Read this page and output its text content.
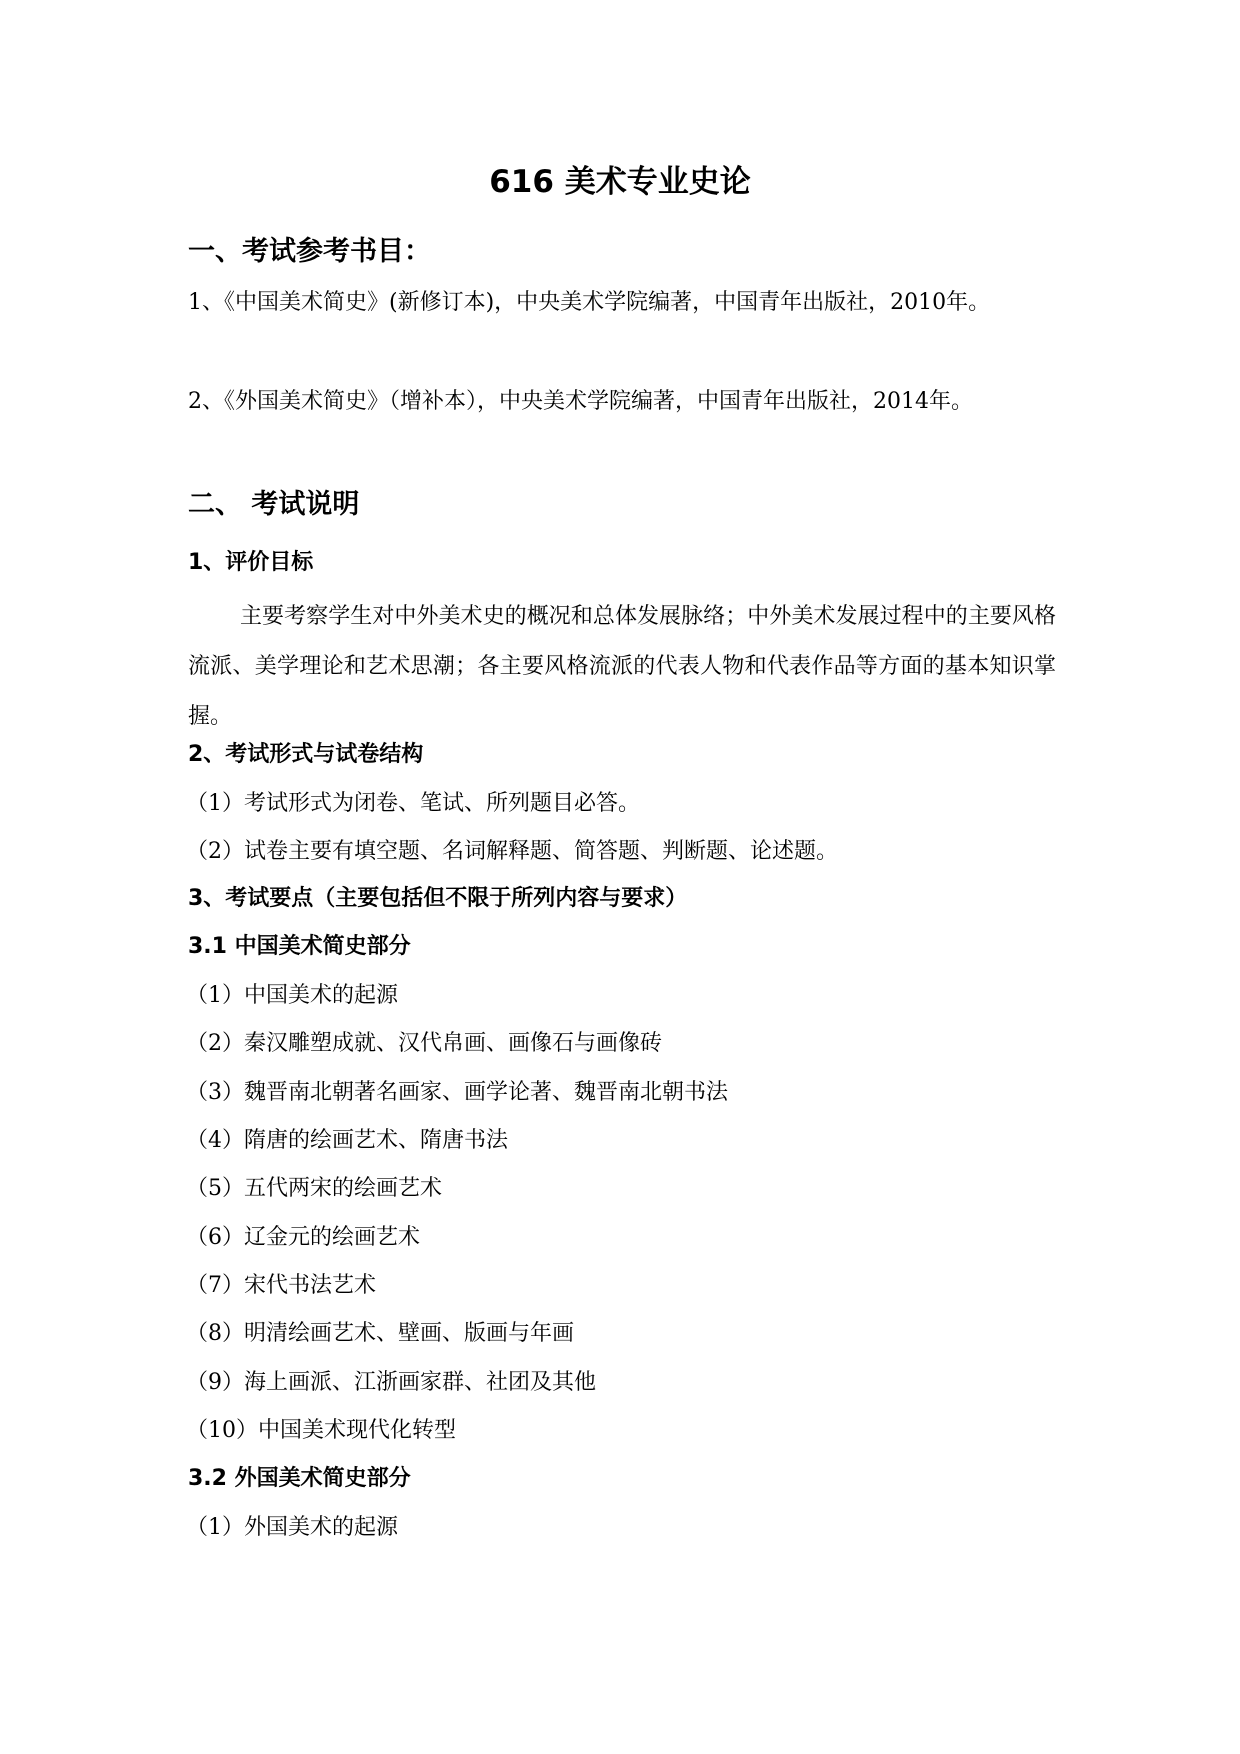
616 美术专业史论
一、考试参考书目：
1、《中国美术简史》(新修订本)，中央美术学院编著，中国青年出版社，2010年。
2、《外国美术简史》（增补本），中央美术学院编著，中国青年出版社，2014年。
二、 考试说明
1、评价目标
主要考察学生对中外美术史的概况和总体发展脉络；中外美术发展过程中的主要风格流派、美学理论和艺术思潮；各主要风格流派的代表人物和代表作品等方面的基本知识掌握。
2、考试形式与试卷结构
（1）考试形式为闭卷、笔试、所列题目必答。
（2）试卷主要有填空题、名词解释题、简答题、判断题、论述题。
3、考试要点（主要包括但不限于所列内容与要求）
3.1 中国美术简史部分
（1）中国美术的起源
（2）秦汉雕塑成就、汉代帛画、画像石与画像砖
（3）魏晋南北朝著名画家、画学论著、魏晋南北朝书法
（4）隋唐的绘画艺术、隋唐书法
（5）五代两宋的绘画艺术
（6）辽金元的绘画艺术
（7）宋代书法艺术
（8）明清绘画艺术、壁画、版画与年画
（9）海上画派、江浙画家群、社团及其他
（10）中国美术现代化转型
3.2 外国美术简史部分
（1）外国美术的起源
